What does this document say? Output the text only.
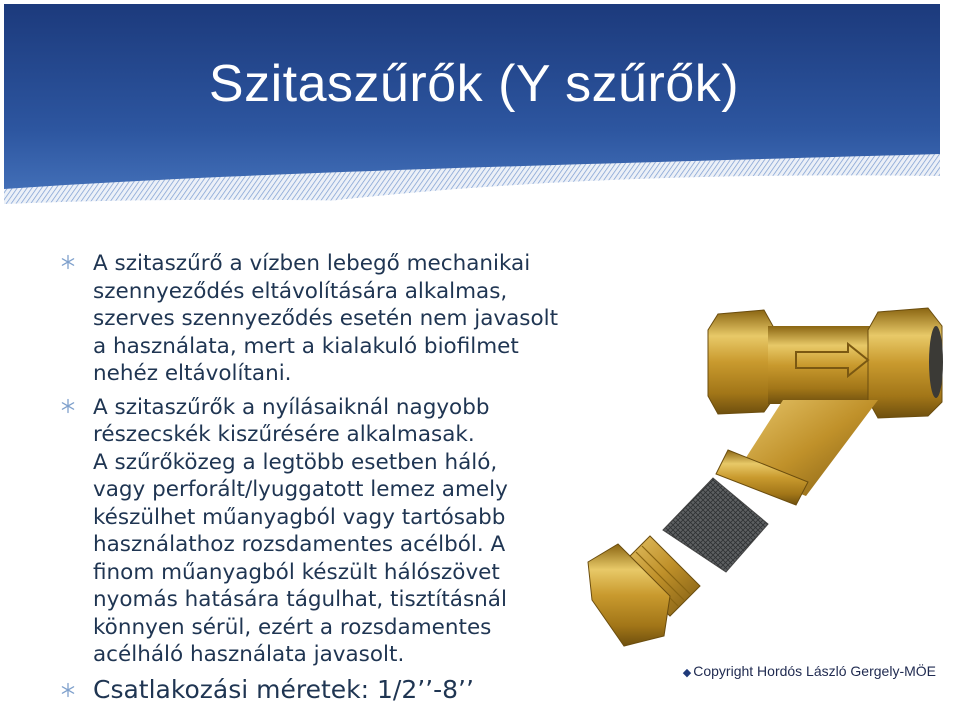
Szitaszűrők (Y szűrők)
A szitaszűrő a vízben lebegő mechanikai
szennyeződés eltávolítására alkalmas,
szerves szennyeződés esetén nem javasolt
a használata, mert a kialakuló biofilmet
nehéz eltávolítani.
A szitaszűrők a nyílásaiknál nagyobb
részecskék kiszűrésére alkalmasak.
A szűrőközeg a legtöbb esetben háló,
vagy perforált/lyuggatott lemez amely
készülhet műanyagból vagy tartósabb
használathoz rozsdamentes acélból. A
finom műanyagból készült hálószövet
nyomás hatására tágulhat, tisztításnál
könnyen sérül, ezért a rozsdamentes
acélháló használata javasolt.
Csatlakozási méretek: 1/2’’-8’’
◆ Copyright Hordós László Gergely-MÖE
